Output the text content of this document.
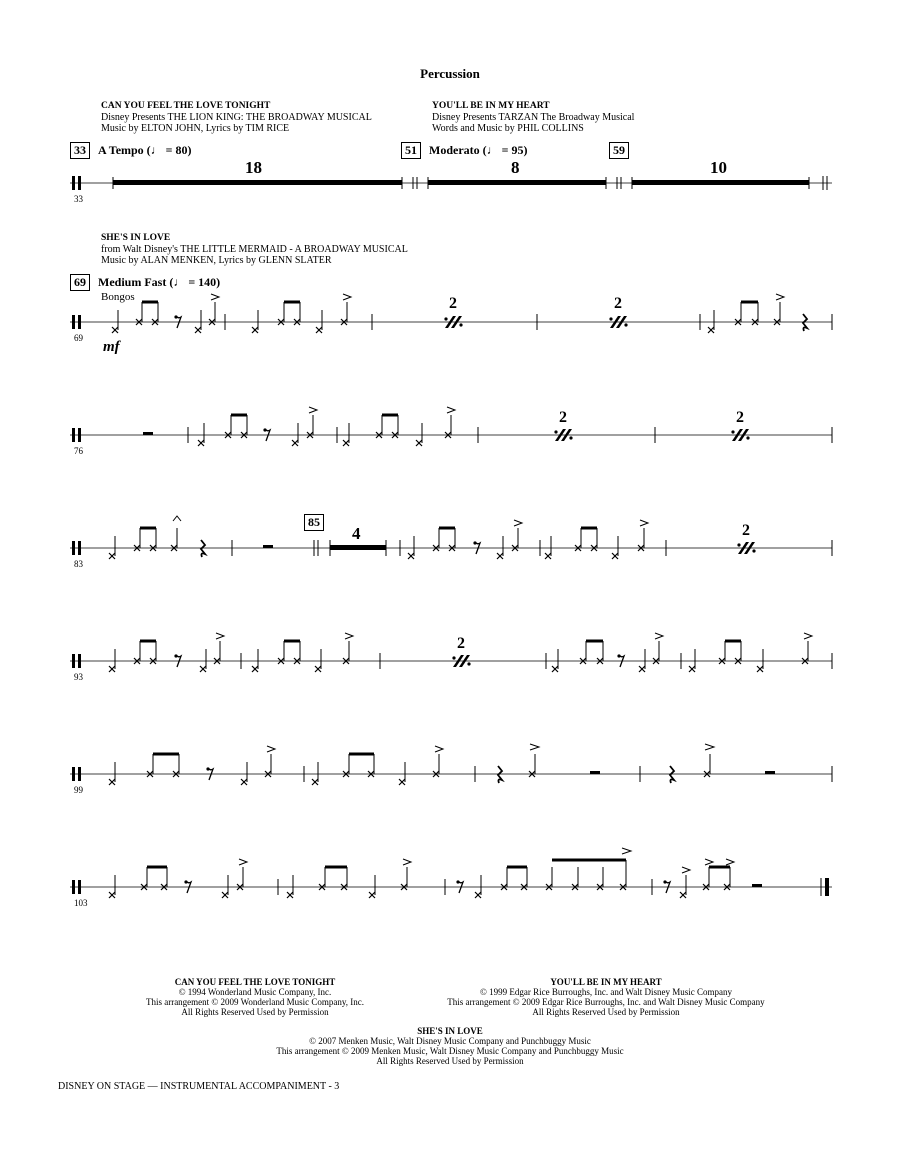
Percussion
CAN YOU FEEL THE LOVE TONIGHT
Disney Presents THE LION KING: THE BROADWAY MUSICAL
Music by ELTON JOHN, Lyrics by TIM RICE
YOU'LL BE IN MY HEART
Disney Presents TARZAN The Broadway Musical
Words and Music by PHIL COLLINS
SHE'S IN LOVE
from Walt Disney's THE LITTLE MERMAID - A BROADWAY MUSICAL
Music by ALAN MENKEN, Lyrics by GLENN SLATER
33	A Tempo (♩ = 80)	51	Moderato (♩ = 95)	59
69	Medium Fast (♩ = 140)
Bongos
85
18	8	10
4
2	2
2	2
2
2
mf
33
69
76
83
93
99
103
CAN YOU FEEL THE LOVE TONIGHT
© 1994 Wonderland Music Company, Inc.
This arrangement © 2009 Wonderland Music Company, Inc.
All Rights Reserved Used by Permission
YOU'LL BE IN MY HEART
© 1999 Edgar Rice Burroughs, Inc. and Walt Disney Music Company
This arrangement © 2009 Edgar Rice Burroughs, Inc. and Walt Disney Music Company
All Rights Reserved Used by Permission
SHE'S IN LOVE
© 2007 Menken Music, Walt Disney Music Company and Punchbuggy Music
This arrangement © 2009 Menken Music, Walt Disney Music Company and Punchbuggy Music
All Rights Reserved Used by Permission
DISNEY ON STAGE — INSTRUMENTAL ACCOMPANIMENT - 3
